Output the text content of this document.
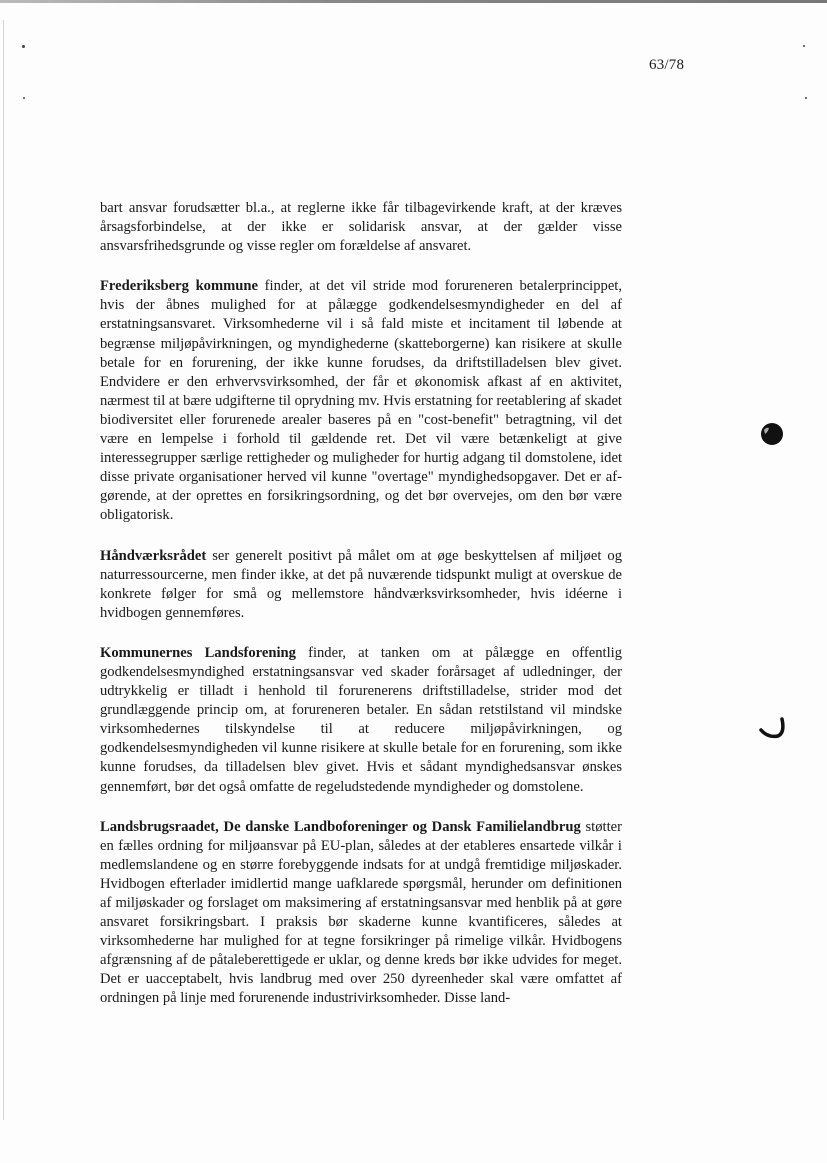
63/78

bart ansvar forudsætter bl.a., at reglerne ikke får tilbagevirkende kraft, at der kræves årsagsforbindelse, at der ikke er solidarisk ansvar, at der gælder visse ansvarsfrihedsgrunde og visse regler om forældelse af ansvaret.

Frederiksberg kommune finder, at det vil stride mod forureneren betalerprincippet, hvis der åbnes mulighed for at pålægge godkendelsesmyndigheder en del af erstatningsansvaret. Virksomhederne vil i så fald miste et incitament til løbende at begrænse miljøpåvirkningen, og myndighederne (skatteborgerne) kan risikere at skulle betale for en forurening, der ikke kunne forudses, da driftstilladelsen blev givet. Endvidere er den erhvervsvirksomhed, der får et økonomisk afkast af en aktivitet, nærmest til at bære udgifterne til oprydning mv. Hvis erstatning for reetablering af skadet biodiversitet eller forurenede arealer baseres på en "cost-benefit" betragtning, vil det være en lempelse i forhold til gældende ret. Det vil være betænkeligt at give interessegrupper særlige rettigheder og muligheder for hurtig adgang til domstolene, idet disse private organisationer herved vil kunne "overtage" myndighedsopgaver. Det er af-gørende, at der oprettes en forsikringsordning, og det bør overvejes, om den bør være obligatorisk.

Håndværksrådet ser generelt positivt på målet om at øge beskyttelsen af miljøet og naturressourcerne, men finder ikke, at det på nuværende tidspunkt muligt at overskue de konkrete følger for små og mellemstore håndværksvirksomheder, hvis idéerne i hvidbogen gennemføres.

Kommunernes Landsforening finder, at tanken om at pålægge en offentlig godkendelsesmyndighed erstatningsansvar ved skader forårsaget af udledninger, der udtrykkelig er tilladt i henhold til forurenerens driftstilladelse, strider mod det grundlæggende princip om, at forureneren betaler. En sådan retstilstand vil mindske virksomhedernes tilskyndelse til at reducere miljøpåvirkningen, og godkendelsesmyndigheden vil kunne risikere at skulle betale for en forurening, som ikke kunne forudses, da tilladelsen blev givet. Hvis et sådant myndighedsansvar ønskes gennemført, bør det også omfatte de regeludstedende myndigheder og domstolene.

Landsbrugsraadet, De danske Landboforeninger og Dansk Familielandbrug støtter en fælles ordning for miljøansvar på EU-plan, således at der etableres ensartede vilkår i medlemslandene og en større forebyggende indsats for at undgå fremtidige miljøskader. Hvidbogen efterlader imidlertid mange uafklarede spørgsmål, herunder om definitionen af miljøskader og forslaget om maksimering af erstatningsansvar med henblik på at gøre ansvaret forsikringsbart. I praksis bør skaderne kunne kvantificeres, således at virksomhederne har mulighed for at tegne forsikringer på rimelige vilkår. Hvidbogens afgrænsning af de påtaleberettigede er uklar, og denne kreds bør ikke udvides for meget. Det er uacceptabelt, hvis landbrug med over 250 dyreenheder skal være omfattet af ordningen på linje med forurenende industrivirksomheder. Disse land-
